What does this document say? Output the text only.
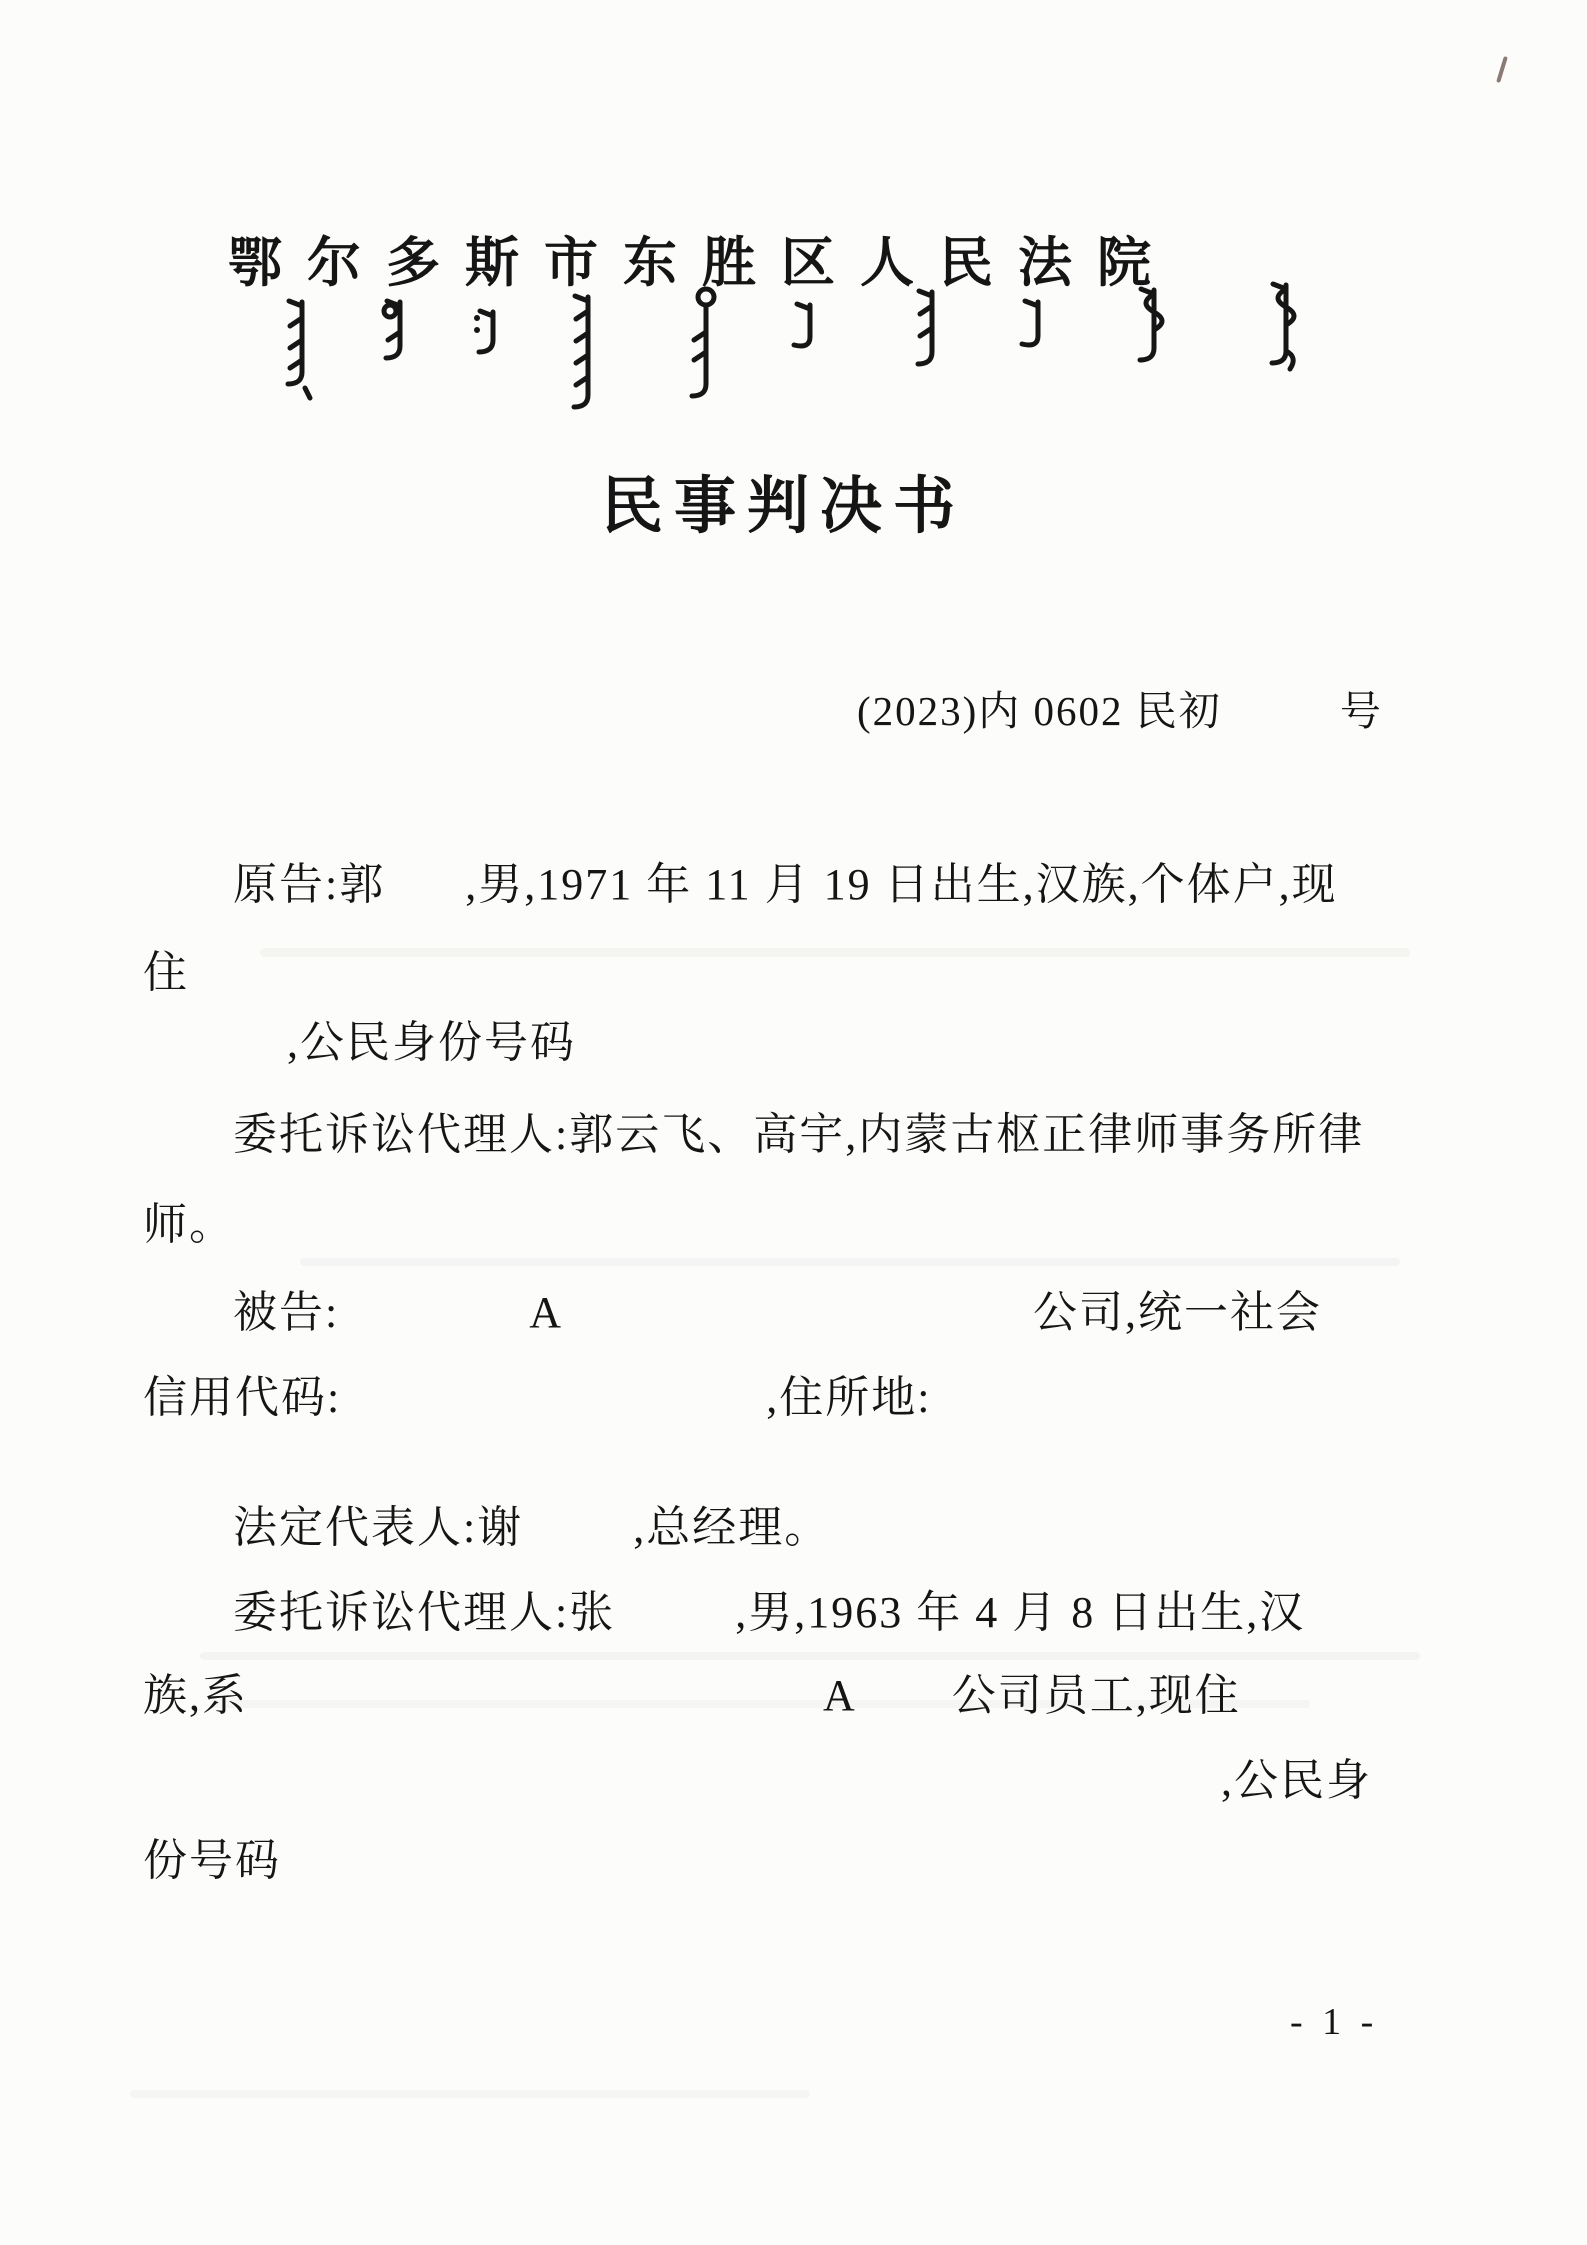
鄂尔多斯市东胜区人民法院
民事判决书
(2023)内 0602 民初	号
原告:郭 ,男,1971 年 11 月 19 日出生,汉族,个体户,现
住
,公民身份号码
委托诉讼代理人:郭云飞、高宇,内蒙古枢正律师事务所律
师。
被告:	A	公司,统一社会
信用代码:	,住所地:
法定代表人:谢	,总经理。
委托诉讼代理人:张	,男,1963 年 4 月 8 日出生,汉
族,系	A 公司员工,现住
,公民身
份号码
- 1 -
